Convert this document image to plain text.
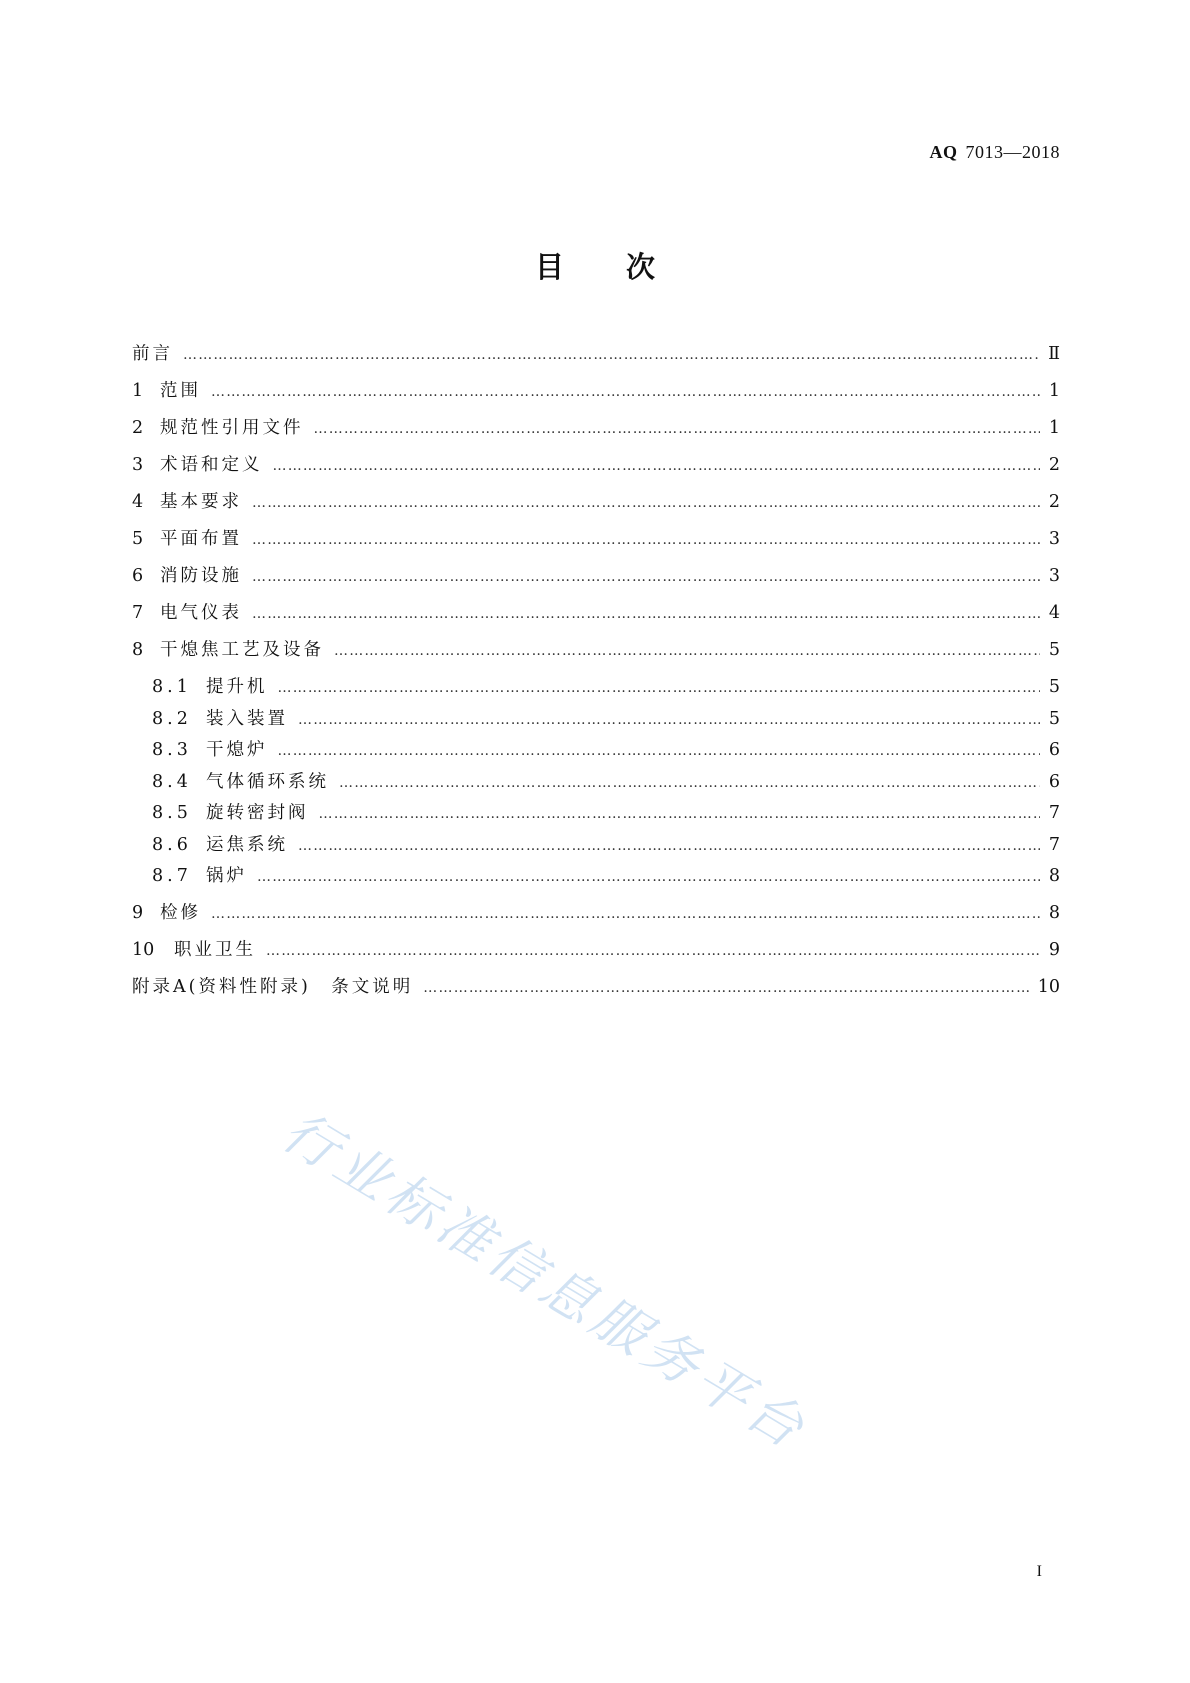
AQ 7013—2018
目次
前言 ……………………………………………………………………………………………………………………………………………………………………………………………………………………	Ⅱ
1 范围 ……………………………………………………………………………………………………………………………………………………………………………………………………………………	1
2 规范性引用文件 ……………………………………………………………………………………………………………………………………………………………………………………………………………………	1
3 术语和定义 ……………………………………………………………………………………………………………………………………………………………………………………………………………………	2
4 基本要求 ……………………………………………………………………………………………………………………………………………………………………………………………………………………	2
5 平面布置 ……………………………………………………………………………………………………………………………………………………………………………………………………………………	3
6 消防设施 ……………………………………………………………………………………………………………………………………………………………………………………………………………………	3
7 电气仪表 ……………………………………………………………………………………………………………………………………………………………………………………………………………………	4
8 干熄焦工艺及设备 ……………………………………………………………………………………………………………………………………………………………………………………………………………………	5
8.1 提升机 ……………………………………………………………………………………………………………………………………………………………………………………………………………………	5
8.2 装入装置 ……………………………………………………………………………………………………………………………………………………………………………………………………………………	5
8.3 干熄炉 ……………………………………………………………………………………………………………………………………………………………………………………………………………………	6
8.4 气体循环系统 ……………………………………………………………………………………………………………………………………………………………………………………………………………………	6
8.5 旋转密封阀 ……………………………………………………………………………………………………………………………………………………………………………………………………………………	7
8.6 运焦系统 ……………………………………………………………………………………………………………………………………………………………………………………………………………………	7
8.7 锅炉 ……………………………………………………………………………………………………………………………………………………………………………………………………………………	8
9 检修 ……………………………………………………………………………………………………………………………………………………………………………………………………………………	8
10	职业卫生 ……………………………………………………………………………………………………………………………………………………………………………………………………………………	9
附录A(资料性附录)　条文说明 ……………………………………………………………………………………………………………………………………………………………………………………………………………………	10
行业标准信息服务平台
I
